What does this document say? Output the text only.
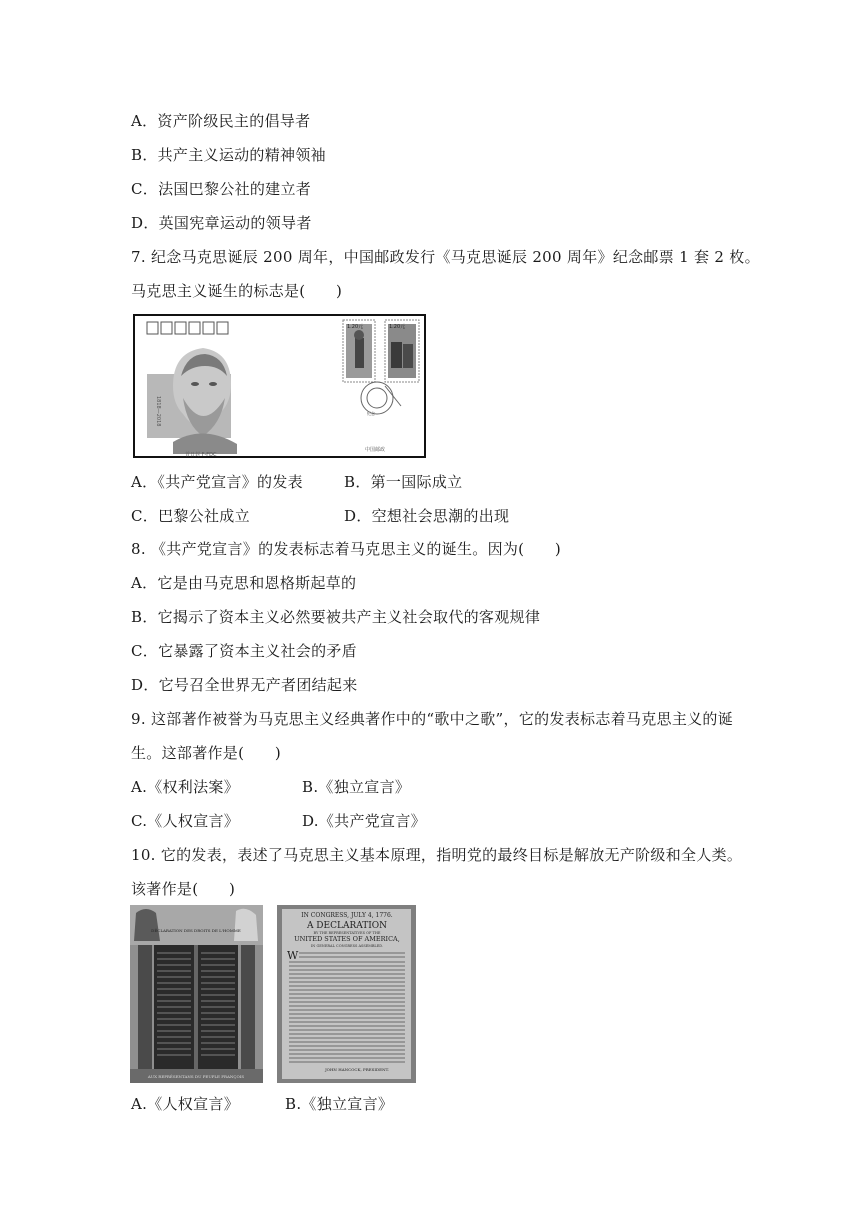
A．资产阶级民主的倡导者
B．共产主义运动的精神领袖
C．法国巴黎公社的建立者
D．英国宪章运动的领导者
7. 纪念马克思诞辰 200 周年，中国邮政发行《马克思诞辰 200 周年》纪念邮票 1 套 2 枚。
马克思主义诞生的标志是(　　)
1818—2018
1.20元	1.20元
纪念
首日封 F-FDC
中国邮政
A．《共产党宣言》的发表	B．第一国际成立
C．巴黎公社成立	D．空想社会思潮的出现
8. 《共产党宣言》的发表标志着马克思主义的诞生。因为(　　)
A．它是由马克思和恩格斯起草的
B．它揭示了资本主义必然要被共产主义社会取代的客观规律
C．它暴露了资本主义社会的矛盾
D．它号召全世界无产者团结起来
9. 这部著作被誉为马克思主义经典著作中的“歌中之歌”，它的发表标志着马克思主义的诞
生。这部著作是(　　)
A.《权利法案》	B.《独立宣言》
C.《人权宣言》	D.《共产党宣言》
10. 它的发表，表述了马克思主义基本原理，指明党的最终目标是解放无产阶级和全人类。
该著作是(　　)
DÉCLARATION DES DROITS DE L'HOMME
AUX REPRÉSENTANS DU PEUPLE FRANÇOIS
IN CONGRESS, JULY 4, 1776.
A DECLARATION
BY THE REPRESENTATIVES OF THE
UNITED STATES OF AMERICA,
IN GENERAL CONGRESS ASSEMBLED.
W
JOHN HANCOCK, PRESIDENT.
A.《人权宣言》	B.《独立宣言》
